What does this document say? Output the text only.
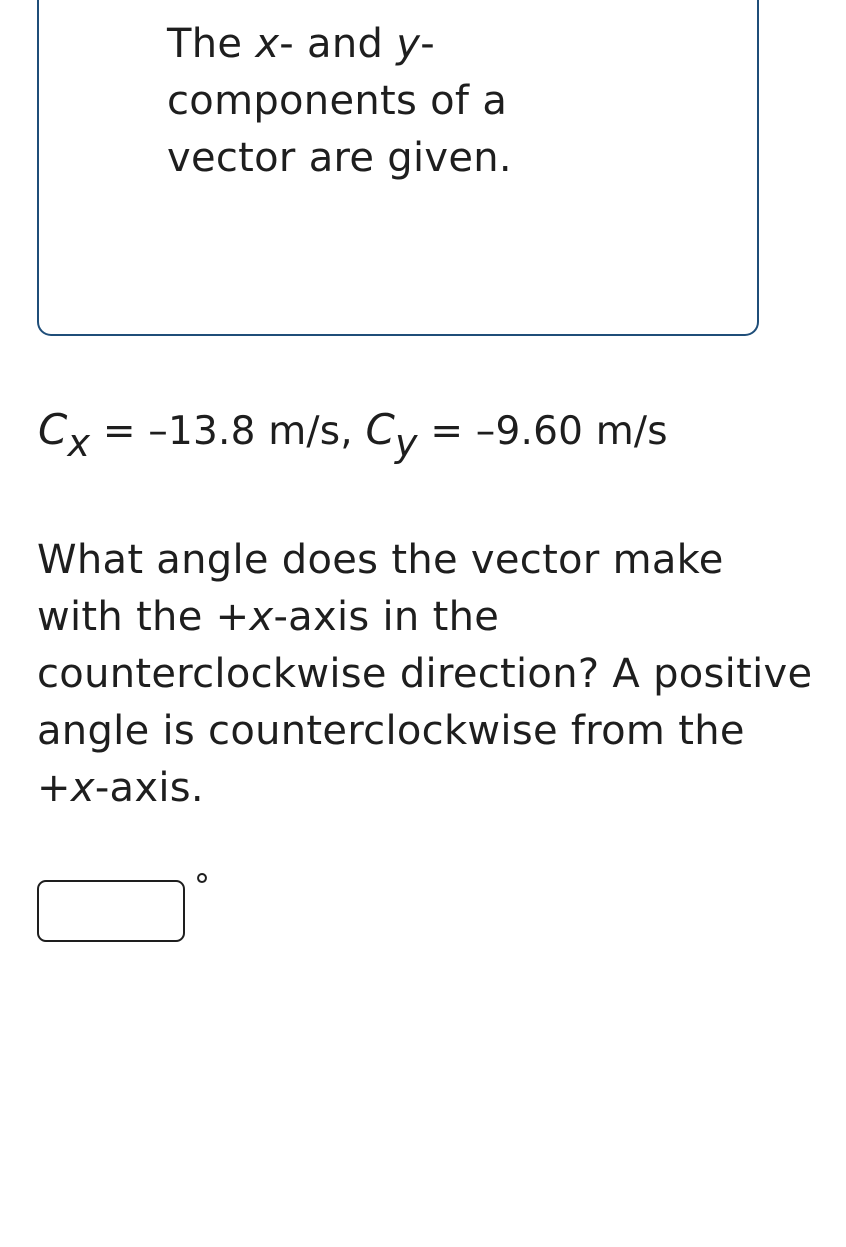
The x- and y-components of a vector are given.
$C_x = -13.8$ m/s, $C_y = -9.60$ m/s
What angle does the vector make with the +x-axis in the counterclockwise direction? A positive angle is counterclockwise from the +x-axis.
°
